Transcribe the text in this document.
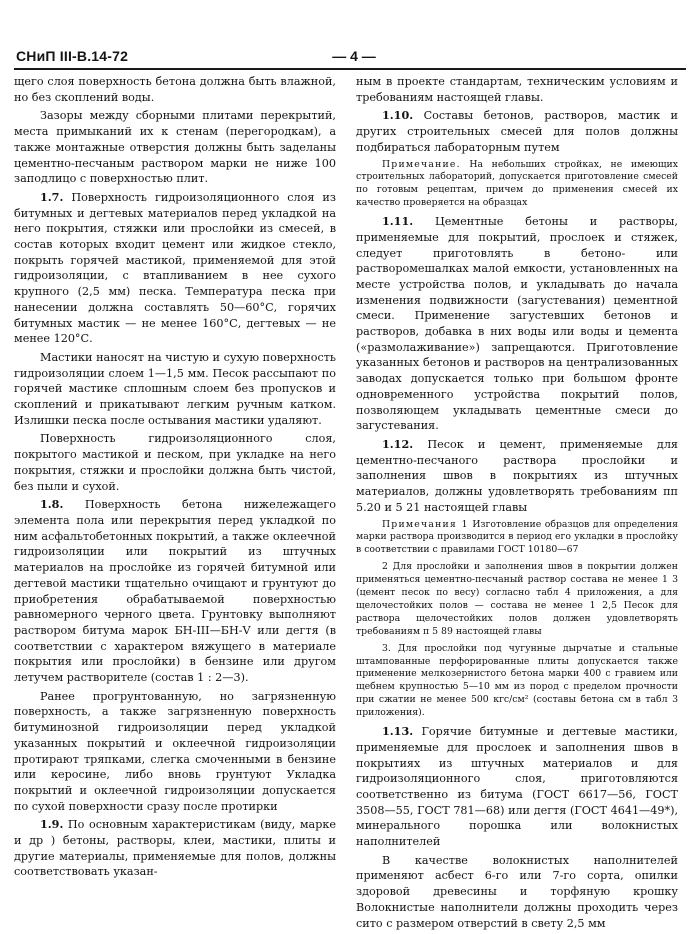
СНиП III-В.14-72	— 4 —

щего слоя поверхность бетона должна быть влажной, но без скоплений воды.

Зазоры между сборными плитами перекрытий, места примыканий их к стенам (перегородкам), а также монтажные отверстия должны быть заделаны цементно-песчаным раствором марки не ниже 100 заподлицо с поверхностью плит.

1.7. Поверхность гидроизоляционного слоя из битумных и дегтевых материалов перед укладкой на него покрытия, стяжки или прослойки из смесей, в состав которых входит цемент или жидкое стекло, покрыть горячей мастикой, применяемой для этой гидроизоляции, с втапливанием в нее сухого крупного (2,5 мм) песка. Температура песка при нанесении должна составлять 50—60°С, горячих битумных мастик — не менее 160°С, дегтевых — не менее 120°С.

Мастики наносят на чистую и сухую поверхность гидроизоляции слоем 1—1,5 мм. Песок рассыпают по горячей мастике сплошным слоем без пропусков и скоплений и прикатывают легким ручным катком. Излишки песка после остывания мастики удаляют.

Поверхность гидроизоляционного слоя, покрытого мастикой и песком, при укладке на него покрытия, стяжки и прослойки должна быть чистой, без пыли и сухой.

1.8. Поверхность бетона нижележащего элемента пола или перекрытия перед укладкой по ним асфальтобетонных покрытий, а также оклеечной гидроизоляции или покрытий из штучных материалов на прослойке из горячей битумной или дегтевой мастики тщательно очищают и грунтуют до приобретения обрабатываемой поверхностью равномерного черного цвета. Грунтовку выполняют раствором битума марок БН-III—БН-V или дегтя (в соответствии с характером вяжущего в материале покрытия или прослойки) в бензине или другом летучем растворителе (состав 1 : 2—3).

Ранее прогрунтованную, но загрязненную поверхность, а также загрязненную поверхность битуминозной гидроизоляции перед укладкой указанных покрытий и оклеечной гидроизоляции протирают тряпками, слегка смоченными в бензине или керосине, либо вновь грунтуют Укладка покрытий и оклеечной гидроизоляции допускается по сухой поверхности сразу после протирки

1.9. По основным характеристикам (виду, марке и др ) бетоны, растворы, клеи, мастики, плиты и другие материалы, применяемые для полов, должны соответствовать указан-

ным в проекте стандартам, техническим условиям и требованиям настоящей главы.

1.10. Составы бетонов, растворов, мастик и других строительных смесей для полов должны подбираться лабораторным путем

Примечание. На небольших стройках, не имеющих строительных лабораторий, допускается приготовление смесей по готовым рецептам, причем до применения смесей их качество проверяется на образцах

1.11. Цементные бетоны и растворы, применяемые для покрытий, прослоек и стяжек, следует приготовлять в бетоно- или растворомешалках малой емкости, установленных на месте устройства полов, и укладывать до начала изменения подвижности (загустевания) цементной смеси. Применение загустевших бетонов и растворов, добавка в них воды или воды и цемента («размолаживание») запрещаются. Приготовление указанных бетонов и растворов на централизованных заводах допускается только при большом фронте одновременного устройства покрытий полов, позволяющем укладывать цементные смеси до загустевания.

1.12. Песок и цемент, применяемые для цементно-песчаного раствора прослойки и заполнения швов в покрытиях из штучных материалов, должны удовлетворять требованиям пп 5.20 и 5 21 настоящей главы

Примечания 1 Изготовление образцов для определения марки раствора производится в период его укладки в прослойку в соответствии с правилами ГОСТ 10180—67

2 Для прослойки и заполнения швов в покрытии должен применяться цементно-песчаный раствор состава не менее 1 3 (цемент песок по весу) согласно табл 4 приложения, а для щелочестойких полов — состава не менее 1 2,5 Песок для раствора щелочестойких полов должен удовлетворять требованиям п 5 89 настоящей главы

3. Для прослойки под чугунные дырчатые и стальные штампованные перфорированные плиты допускается также применение мелкозернистого бетона марки 400 с гравием или щебнем крупностью 5—10 мм из пород с пределом прочности при сжатии не менее 500 кгс/см² (составы бетона см в табл 3 приложения).

1.13. Горячие битумные и дегтевые мастики, применяемые для прослоек и заполнения швов в покрытиях из штучных материалов и для гидроизоляционного слоя, приготовляются соответственно из битума (ГОСТ 6617—56, ГОСТ 3508—55, ГОСТ 781—68) или дегтя (ГОСТ 4641—49*), минерального порошка или волокнистых наполнителей

В качестве волокнистых наполнителей применяют асбест 6-го или 7-го сорта, опилки здоровой древесины и торфяную крошку Волокнистые наполнители должны проходить через сито с размером отверстий в свету 2,5 мм
